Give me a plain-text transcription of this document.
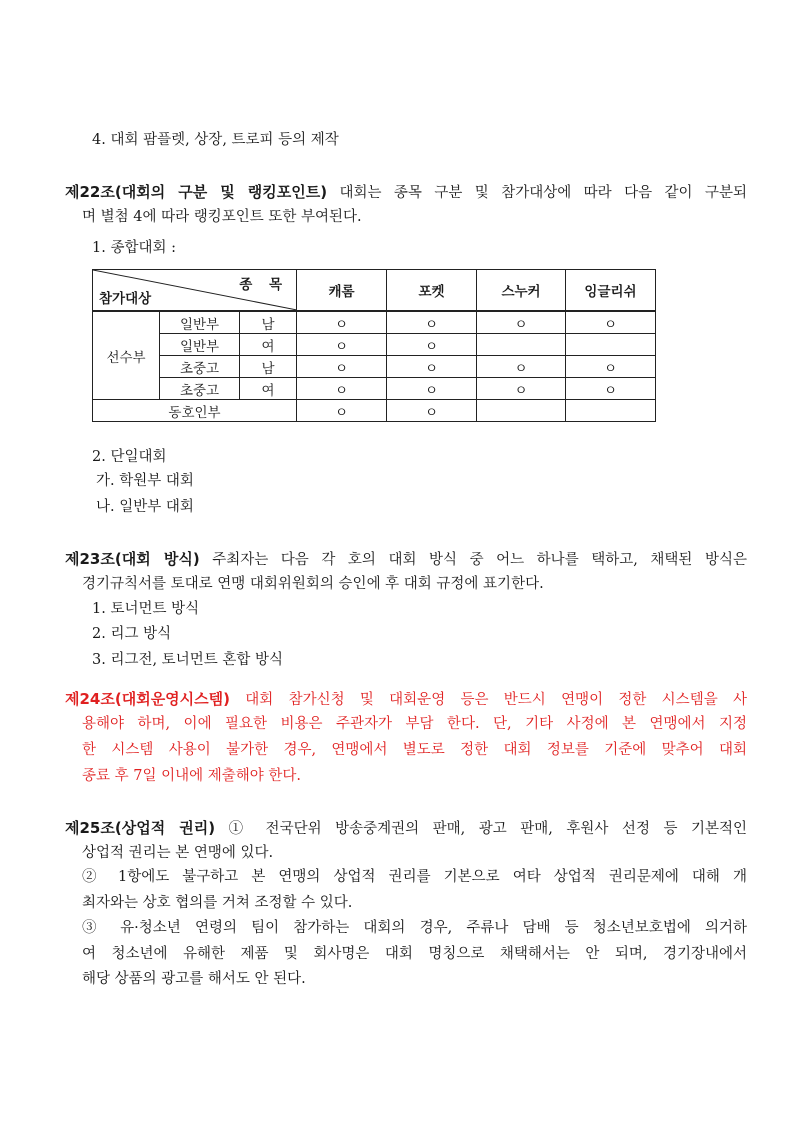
4. 대회 팜플렛, 상장, 트로피 등의 제작
제22조(대회의 구분 및 랭킹포인트) 대회는 종목 구분 및 참가대상에 따라 다음 같이 구분되
며 별첨 4에 따라 랭킹포인트 또한 부여된다.
1. 종합대회 :
종 목
참가대상			캐롬	포켓	스누커	잉글리쉬
선수부	일반부	남	ㅇ	ㅇ	ㅇ	ㅇ
	일반부	여	ㅇ	ㅇ		
	초중고	남	ㅇ	ㅇ	ㅇ	ㅇ
	초중고	여	ㅇ	ㅇ	ㅇ	ㅇ
동호인부			ㅇ	ㅇ		
2. 단일대회
가. 학원부 대회
나. 일반부 대회
제23조(대회 방식) 주최자는 다음 각 호의 대회 방식 중 어느 하나를 택하고, 채택된 방식은
경기규칙서를 토대로 연맹 대회위원회의 승인에 후 대회 규정에 표기한다.
1. 토너먼트 방식
2. 리그 방식
3. 리그전, 토너먼트 혼합 방식
제24조(대회운영시스템) 대회 참가신청 및 대회운영 등은 반드시 연맹이 정한 시스템을 사
용해야 하며, 이에 필요한 비용은 주관자가 부담 한다. 단, 기타 사정에 본 연맹에서 지정
한 시스템 사용이 불가한 경우, 연맹에서 별도로 정한 대회 정보를 기준에 맞추어 대회
종료 후 7일 이내에 제출해야 한다.
제25조(상업적 권리) ① 전국단위 방송중계권의 판매, 광고 판매, 후원사 선정 등 기본적인
상업적 권리는 본 연맹에 있다.
② 1항에도 불구하고 본 연맹의 상업적 권리를 기본으로 여타 상업적 권리문제에 대해 개
최자와는 상호 협의를 거쳐 조정할 수 있다.
③ 유·청소년 연령의 팀이 참가하는 대회의 경우, 주류나 담배 등 청소년보호법에 의거하
여 청소년에 유해한 제품 및 회사명은 대회 명칭으로 채택해서는 안 되며, 경기장내에서
해당 상품의 광고를 해서도 안 된다.
